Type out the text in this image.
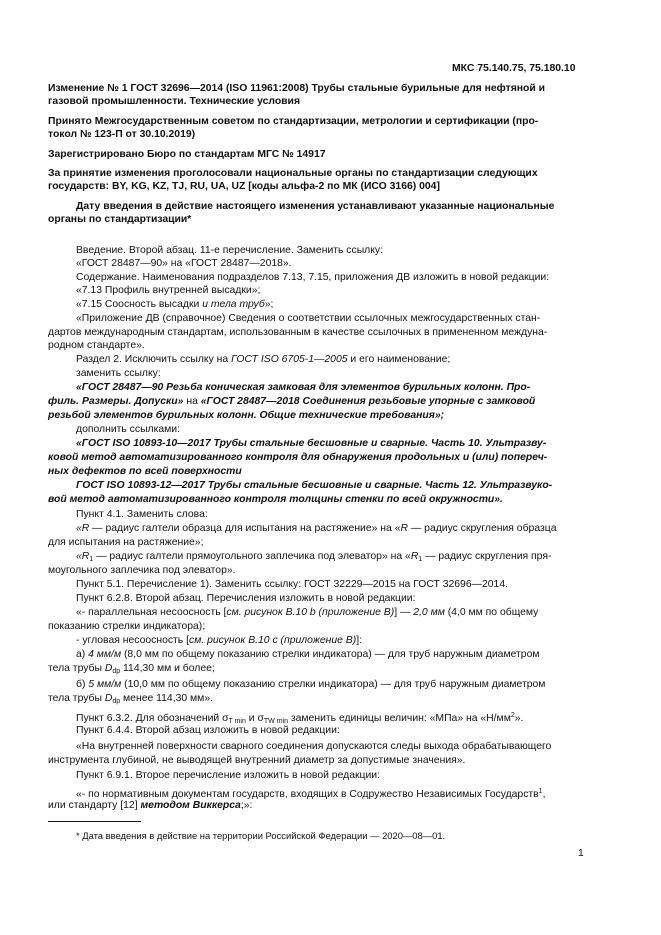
МКС 75.140.75, 75.180.10
Изменение № 1 ГОСТ 32696—2014 (ISO 11961:2008) Трубы стальные бурильные для нефтяной и
газовой промышленности. Технические условия
Принято Межгосударственным советом по стандартизации, метрологии и сертификации (про-
токол № 123-П от 30.10.2019)
Зарегистрировано Бюро по стандартам МГС № 14917
За принятие изменения проголосовали национальные органы по стандартизации следующих
государств: BY, KG, KZ, TJ, RU, UA, UZ [коды альфа-2 по МК (ИСО 3166) 004]
Дату введения в действие настоящего изменения устанавливают указанные национальные
органы по стандартизации*
Введение. Второй абзац. 11-е перечисление. Заменить ссылку:
«ГОСТ 28487—90» на «ГОСТ 28487—2018».
Содержание. Наименования подразделов 7.13, 7.15, приложения ДВ изложить в новой редакции:
«7.13 Профиль внутренней высадки»;
«7.15 Соосность высадки и тела труб»;
«Приложение ДВ (справочное) Сведения о соответствии ссылочных межгосударственных стан-
дартов международным стандартам, использованным в качестве ссылочных в примененном междуна-
родном стандарте».
Раздел 2. Исключить ссылку на ГОСТ ISO 6705-1—2005 и его наименование;
заменить ссылку:
«ГОСТ 28487—90 Резьба коническая замковая для элементов бурильных колонн. Про-
филь. Размеры. Допуски» на «ГОСТ 28487—2018 Соединения резьбовые упорные с замковой
резьбой элементов бурильных колонн. Общие технические требования»;
дополнить ссылками:
«ГОСТ ISO 10893-10—2017 Трубы стальные бесшовные и сварные. Часть 10. Ультразву-
ковой метод автоматизированного контроля для обнаружения продольных и (или) попереч-
ных дефектов по всей поверхности
ГОСТ ISO 10893-12—2017 Трубы стальные бесшовные и сварные. Часть 12. Ультразвуко-
вой метод автоматизированного контроля толщины стенки по всей окружности».
Пункт 4.1. Заменить слова:
«R — радиус галтели образца для испытания на растяжение» на «R — радиус скругления образца
для испытания на растяжение»;
«$R_1$ — радиус галтели прямоугольного заплечика под элеватор» на «$R_1$ — радиус скругления пря-
моугольного заплечика под элеватор».
Пункт 5.1. Перечисление 1). Заменить ссылку: ГОСТ 32229—2015 на ГОСТ 32696—2014.
Пункт 6.2.8. Второй абзац. Перечисления изложить в новой редакции:
«- параллельная несоосность [см. рисунок В.10 b (приложение В)] — 2,0 мм (4,0 мм по общему
показанию стрелки индикатора);
- угловая несоосность [см. рисунок В.10 с (приложение В)]:
а) 4 мм/м (8,0 мм по общему показанию стрелки индикатора) — для труб наружным диаметром
тела трубы $D_{dp}$ 114,30 мм и более;
б) 5 мм/м (10,0 мм по общему показанию стрелки индикатора) — для труб наружным диаметром
тела трубы $D_{dp}$ менее 114,30 мм».
Пункт 6.3.2. Для обозначений $\sigma_{T min}$ и $\sigma_{TW min}$ заменить единицы величин: «МПа» на «$Н/мм^2$».
Пункт 6.4.4. Второй абзац изложить в новой редакции:
«На внутренней поверхности сварного соединения допускаются следы выхода обрабатывающего
инструмента глубиной, не выводящей внутренний диаметр за допустимые значения».
Пункт 6.9.1. Второе перечисление изложить в новой редакции:
«- по нормативным документам государств, входящих в Содружество Независимых Государств$^1$,
или стандарту [12] методом Виккерса;»:
* Дата введения в действие на территории Российской Федерации — 2020—08—01.
1
